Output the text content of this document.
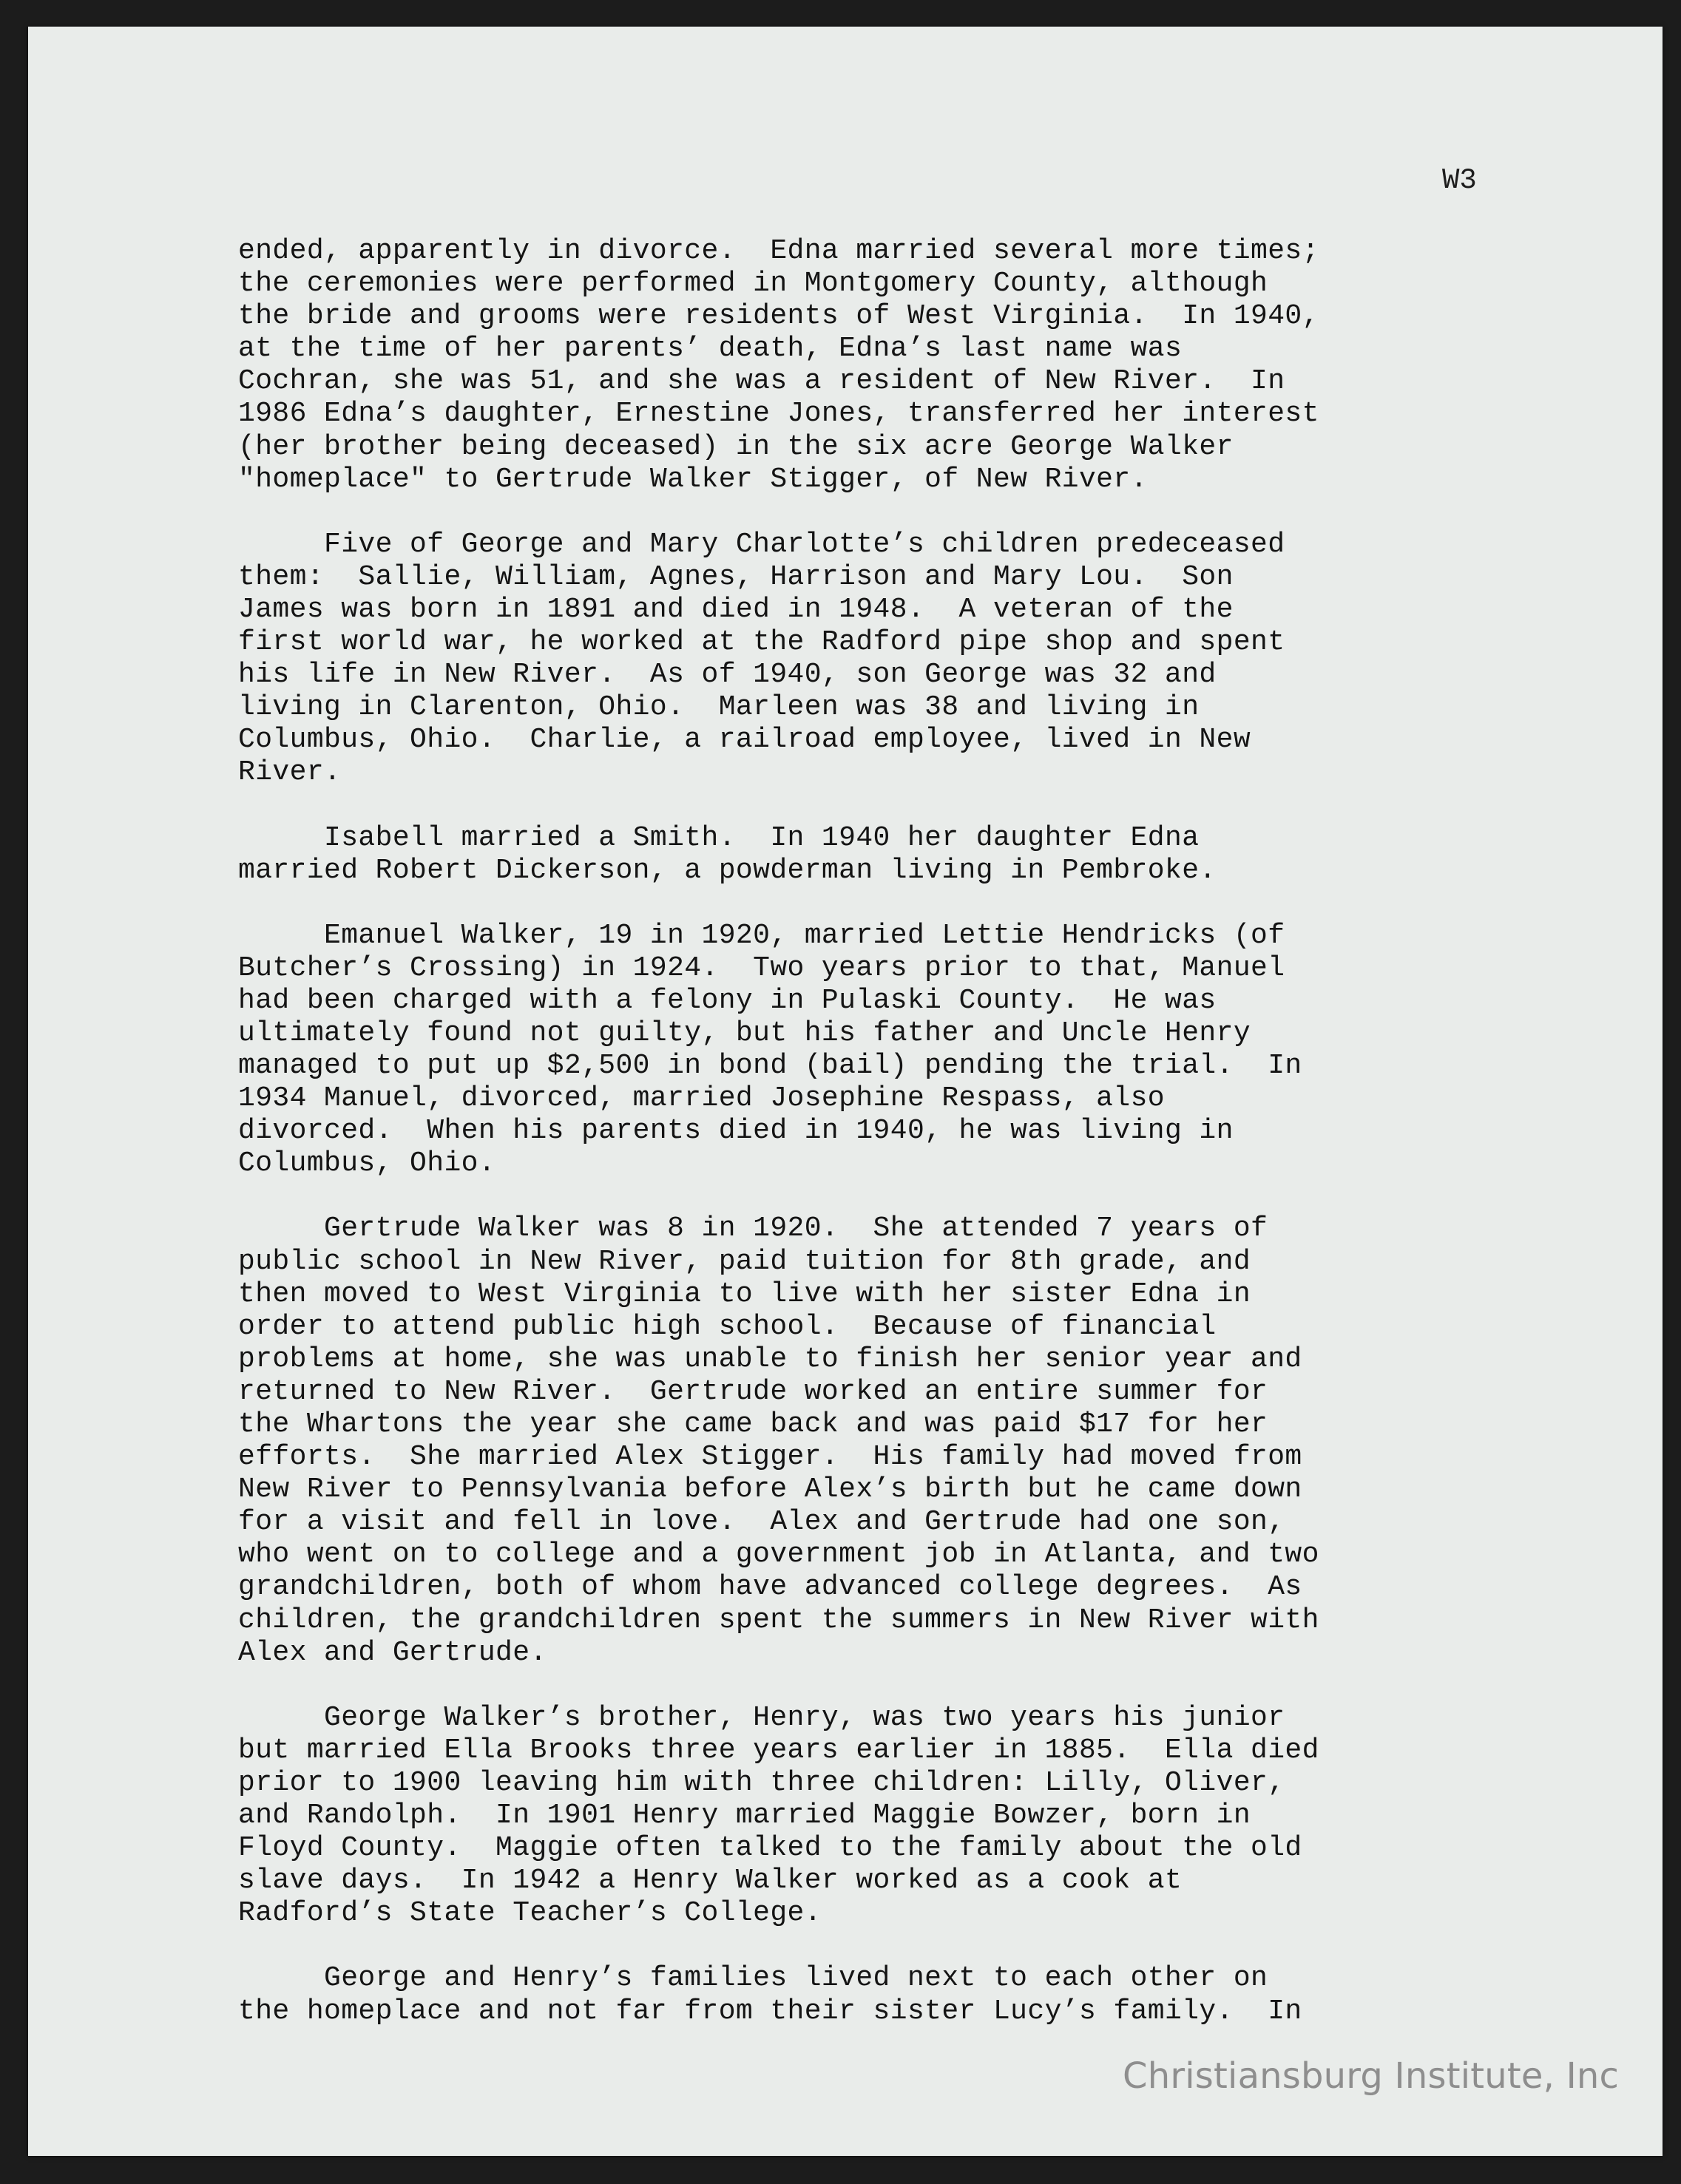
W3

ended, apparently in divorce.  Edna married several more times;
the ceremonies were performed in Montgomery County, although
the bride and grooms were residents of West Virginia.  In 1940,
at the time of her parents’ death, Edna’s last name was
Cochran, she was 51, and she was a resident of New River.  In
1986 Edna’s daughter, Ernestine Jones, transferred her interest
(her brother being deceased) in the six acre George Walker
"homeplace" to Gertrude Walker Stigger, of New River.

Five of George and Mary Charlotte’s children predeceased
them:  Sallie, William, Agnes, Harrison and Mary Lou.  Son
James was born in 1891 and died in 1948.  A veteran of the
first world war, he worked at the Radford pipe shop and spent
his life in New River.  As of 1940, son George was 32 and
living in Clarenton, Ohio.  Marleen was 38 and living in
Columbus, Ohio.  Charlie, a railroad employee, lived in New
River.

Isabell married a Smith.  In 1940 her daughter Edna
married Robert Dickerson, a powderman living in Pembroke.

Emanuel Walker, 19 in 1920, married Lettie Hendricks (of
Butcher’s Crossing) in 1924.  Two years prior to that, Manuel
had been charged with a felony in Pulaski County.  He was
ultimately found not guilty, but his father and Uncle Henry
managed to put up $2,500 in bond (bail) pending the trial.  In
1934 Manuel, divorced, married Josephine Respass, also
divorced.  When his parents died in 1940, he was living in
Columbus, Ohio.

Gertrude Walker was 8 in 1920.  She attended 7 years of
public school in New River, paid tuition for 8th grade, and
then moved to West Virginia to live with her sister Edna in
order to attend public high school.  Because of financial
problems at home, she was unable to finish her senior year and
returned to New River.  Gertrude worked an entire summer for
the Whartons the year she came back and was paid $17 for her
efforts.  She married Alex Stigger.  His family had moved from
New River to Pennsylvania before Alex’s birth but he came down
for a visit and fell in love.  Alex and Gertrude had one son,
who went on to college and a government job in Atlanta, and two
grandchildren, both of whom have advanced college degrees.  As
children, the grandchildren spent the summers in New River with
Alex and Gertrude.

George Walker’s brother, Henry, was two years his junior
but married Ella Brooks three years earlier in 1885.  Ella died
prior to 1900 leaving him with three children: Lilly, Oliver,
and Randolph.  In 1901 Henry married Maggie Bowzer, born in
Floyd County.  Maggie often talked to the family about the old
slave days.  In 1942 a Henry Walker worked as a cook at
Radford’s State Teacher’s College.

George and Henry’s families lived next to each other on
the homeplace and not far from their sister Lucy’s family.  In

Christiansburg Institute, Inc
